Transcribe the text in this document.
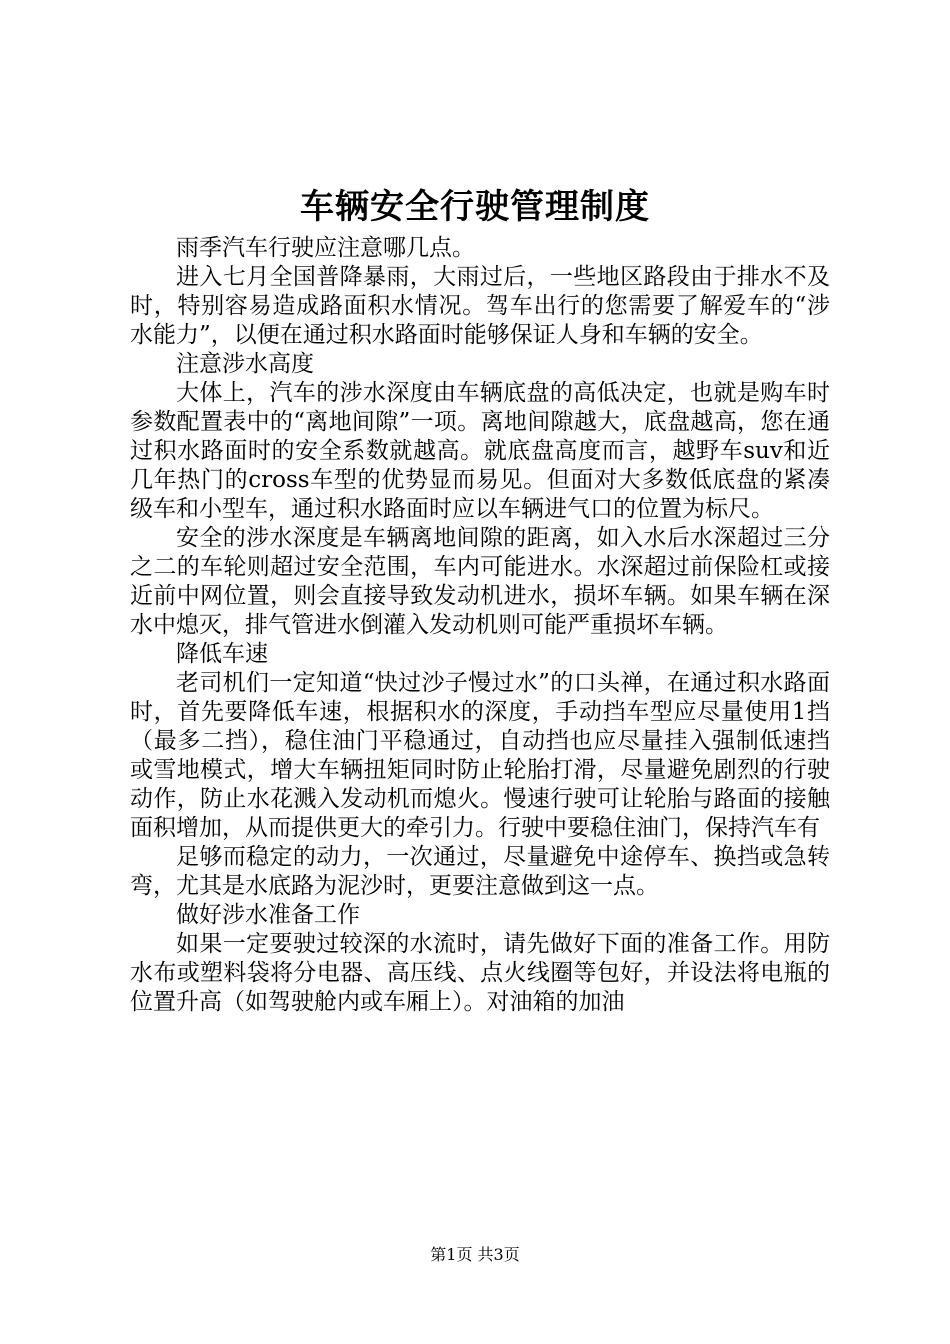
车辆安全行驶管理制度

雨季汽车行驶应注意哪几点。

进入七月全国普降暴雨，大雨过后，一些地区路段由于排水不及时，特别容易造成路面积水情况。驾车出行的您需要了解爱车的“涉水能力”，以便在通过积水路面时能够保证人身和车辆的安全。

注意涉水高度

大体上，汽车的涉水深度由车辆底盘的高低决定，也就是购车时参数配置表中的“离地间隙”一项。离地间隙越大，底盘越高，您在通过积水路面时的安全系数就越高。就底盘高度而言，越野车suv和近几年热门的cross车型的优势显而易见。但面对大多数低底盘的紧凑级车和小型车，通过积水路面时应以车辆进气口的位置为标尺。

安全的涉水深度是车辆离地间隙的距离，如入水后水深超过三分之二的车轮则超过安全范围，车内可能进水。水深超过前保险杠或接近前中网位置，则会直接导致发动机进水，损坏车辆。如果车辆在深水中熄灭，排气管进水倒灌入发动机则可能严重损坏车辆。

降低车速

老司机们一定知道“快过沙子慢过水”的口头禅，在通过积水路面时，首先要降低车速，根据积水的深度，手动挡车型应尽量使用1挡（最多二挡），稳住油门平稳通过，自动挡也应尽量挂入强制低速挡或雪地模式，增大车辆扭矩同时防止轮胎打滑，尽量避免剧烈的行驶动作，防止水花溅入发动机而熄火。慢速行驶可让轮胎与路面的接触面积增加，从而提供更大的牵引力。行驶中要稳住油门，保持汽车有

足够而稳定的动力，一次通过，尽量避免中途停车、换挡或急转弯，尤其是水底路为泥沙时，更要注意做到这一点。

做好涉水准备工作

如果一定要驶过较深的水流时，请先做好下面的准备工作。用防水布或塑料袋将分电器、高压线、点火线圈等包好，并设法将电瓶的位置升高（如驾驶舱内或车厢上）。对油箱的加油

第1页 共3页
